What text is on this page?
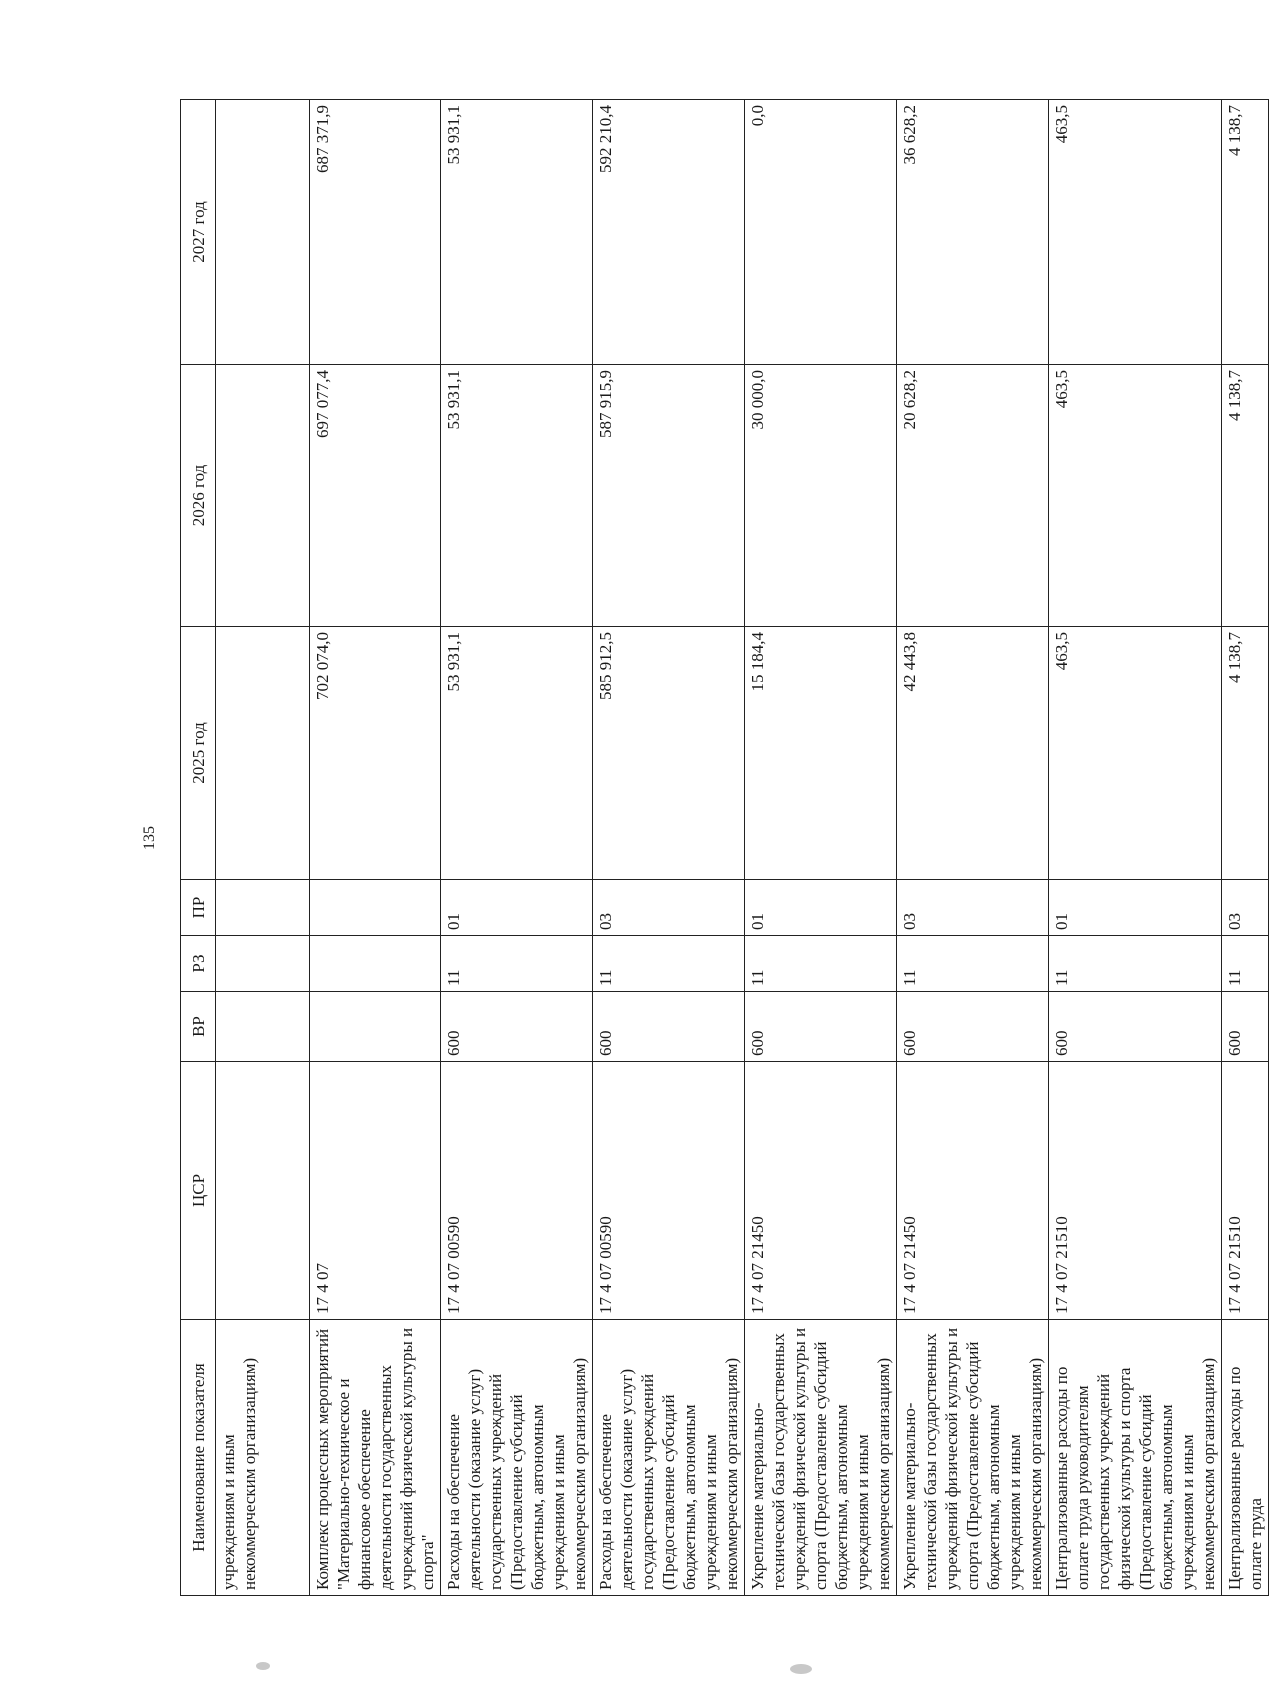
135
Наименование показателя	ЦСР	ВР	РЗ	ПР	2025 год	2026 год	2027 год
учреждениям и иным некоммерческим организациям)							
Комплекс процессных мероприятий "Материально-техническое и финансовое обеспечение деятельности государственных учреждений физической культуры и спорта"	17 4 07				702 074,0	697 077,4	687 371,9
Расходы на обеспечение деятельности (оказание услуг) государственных учреждений (Предоставление субсидий бюджетным, автономным учреждениям и иным некоммерческим организациям)	17 4 07 00590	600	11	01	53 931,1	53 931,1	53 931,1
Расходы на обеспечение деятельности (оказание услуг) государственных учреждений (Предоставление субсидий бюджетным, автономным учреждениям и иным некоммерческим организациям)	17 4 07 00590	600	11	03	585 912,5	587 915,9	592 210,4
Укрепление материально-технической базы государственных учреждений физической культуры и спорта (Предоставление субсидий бюджетным, автономным учреждениям и иным некоммерческим организациям)	17 4 07 21450	600	11	01	15 184,4	30 000,0	0,0
Укрепление материально-технической базы государственных учреждений физической культуры и спорта (Предоставление субсидий бюджетным, автономным учреждениям и иным некоммерческим организациям)	17 4 07 21450	600	11	03	42 443,8	20 628,2	36 628,2
Централизованные расходы по оплате труда руководителям государственных учреждений физической культуры и спорта (Предоставление субсидий бюджетным, автономным учреждениям и иным некоммерческим организациям)	17 4 07 21510	600	11	01	463,5	463,5	463,5
Централизованные расходы по оплате труда	17 4 07 21510	600	11	03	4 138,7	4 138,7	4 138,7
